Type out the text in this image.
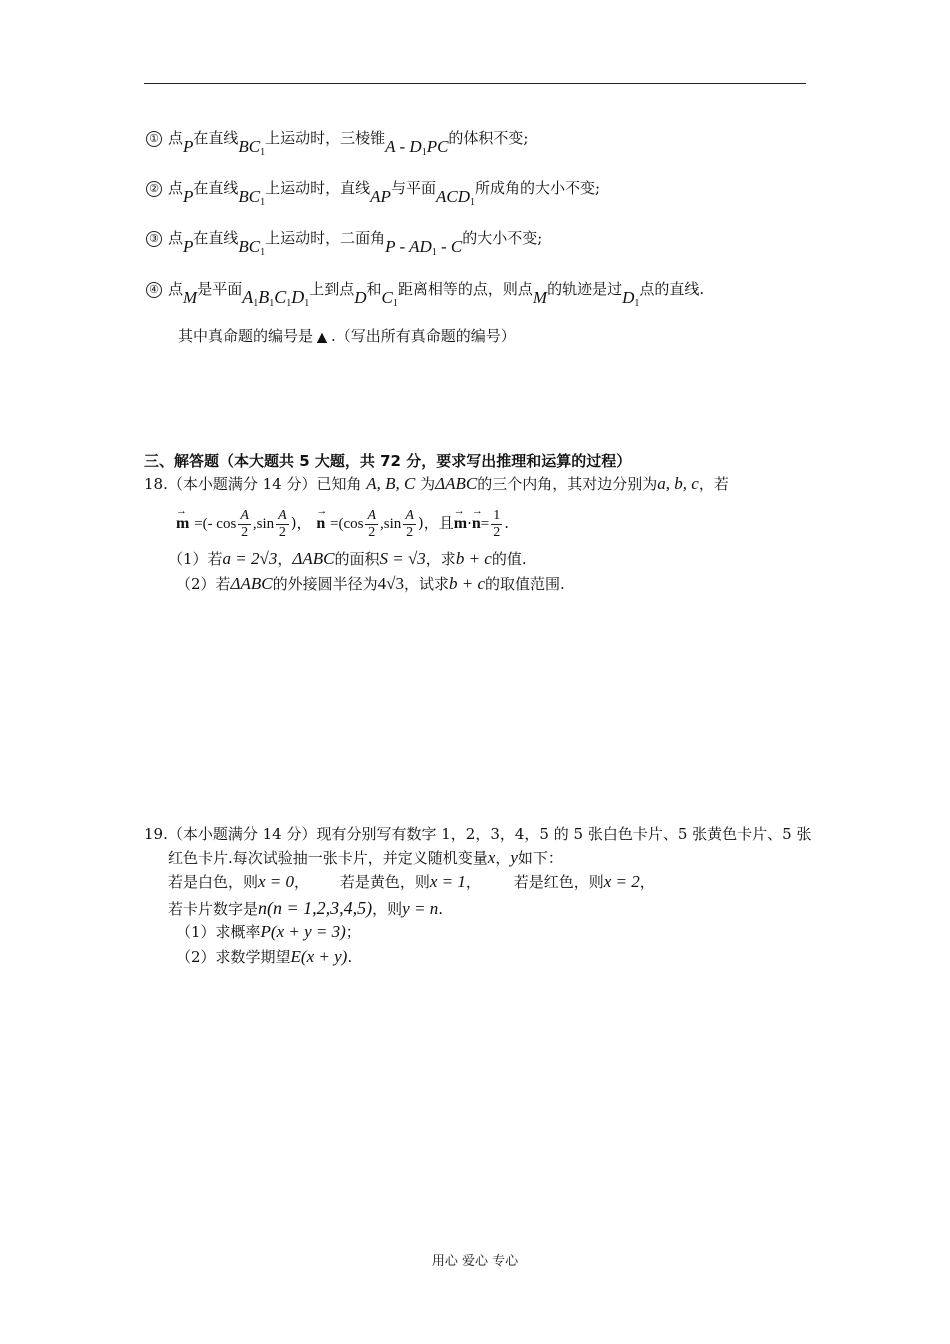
① 点P在直线$BC_1$上运动时，三棱锥A - $D_1PC$的体积不变;
② 点P在直线$BC_1$上运动时，直线AP与平面$ACD_1$所成角的大小不变;
③ 点P在直线$BC_1$上运动时，二面角P - $AD_1$ - C的大小不变;
④ 点M是平面$A_1B_1C_1D_1$上到点D和$C_1$距离相等的点，则点M的轨迹是过$D_1$点的直线.
其中真命题的编号是 ▲ .（写出所有真命题的编号）
三、解答题（本大题共 5 大题，共 72 分，要求写出推理和运算的过程）
18.（本小题满分 14 分）已知角 A, B, C 为ΔABC的三个内角，其对边分别为a, b, c，若
→ m =(- $\cos \frac{A}{2} ,\sin \frac{A}{2}$ )， → $n =(\cos \frac{A}{2} ,\sin \frac{A}{2}$ )，且→ $m\cdot\to n= \frac{1}{2}$ .
（1）若a = 2√3，ΔABC的面积S = √3，求b + c的值.
（2）若ΔABC的外接圆半径为4√3，试求b + c的取值范围.
19.（本小题满分 14 分）现有分别写有数字 1，2，3，4，5 的 5 张白色卡片、5 张黄色卡片、5 张
红色卡片.每次试验抽一张卡片，并定义随机变量x，y如下：
若是白色，则x = 0， 若是黄色，则x = 1， 若是红色，则x = 2，
若卡片数字是n(n = 1,2,3,4,5)，则y = n.
（1）求概率P(x + y = 3)；
（2）求数学期望E(x + y).
用心 爱心 专心
